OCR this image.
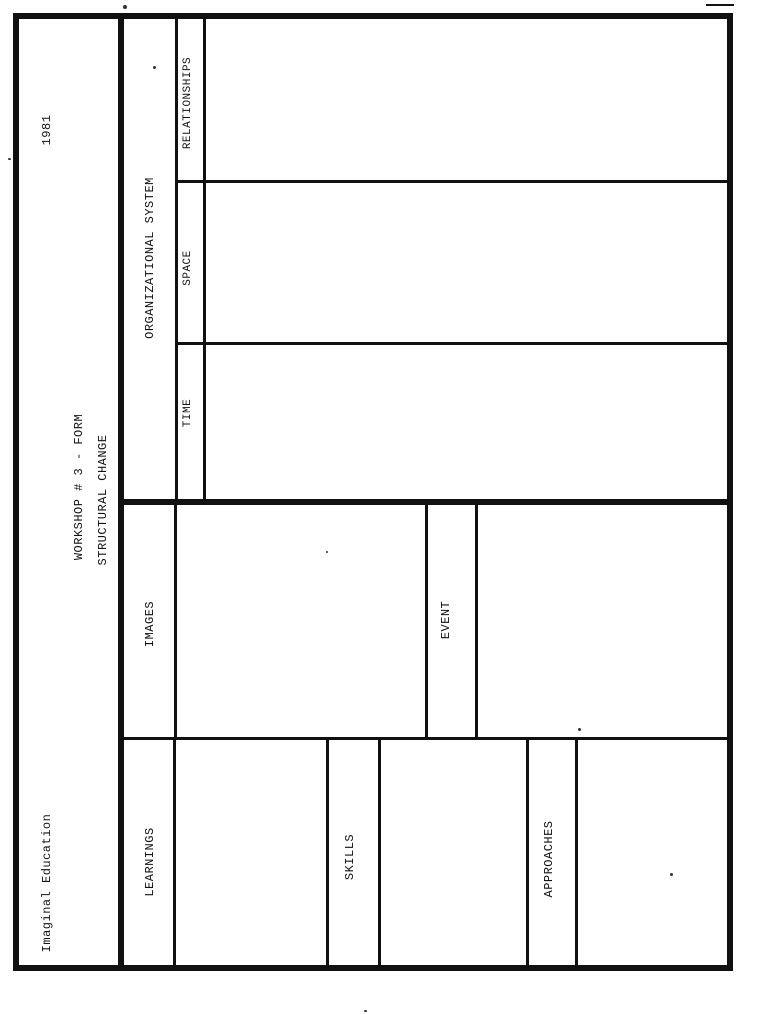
Imaginal Education
1981
WORKSHOP # 3 - FORM STRUCTURAL CHANGE
ORGANIZATIONAL SYSTEM
RELATIONSHIPS
SPACE
TIME
IMAGES	EVENT
LEARNINGS	SKILLS	APPROACHES
